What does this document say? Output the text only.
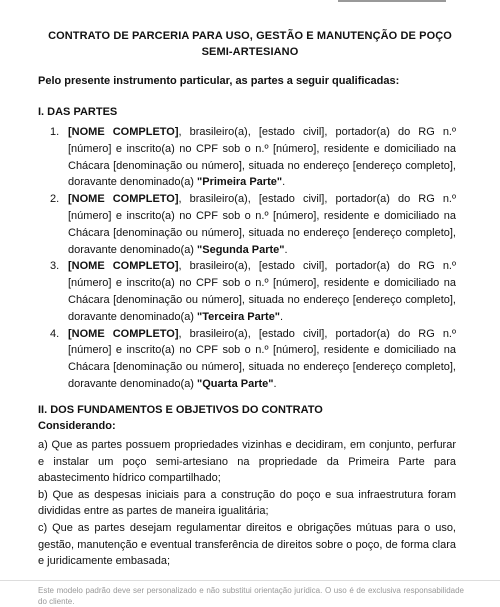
CONTRATO DE PARCERIA PARA USO, GESTÃO E MANUTENÇÃO DE POÇO SEMI-ARTESIANO
Pelo presente instrumento particular, as partes a seguir qualificadas:
I. DAS PARTES
1. [NOME COMPLETO], brasileiro(a), [estado civil], portador(a) do RG n.º [número] e inscrito(a) no CPF sob o n.º [número], residente e domiciliado na Chácara [denominação ou número], situada no endereço [endereço completo], doravante denominado(a) "Primeira Parte".
2. [NOME COMPLETO], brasileiro(a), [estado civil], portador(a) do RG n.º [número] e inscrito(a) no CPF sob o n.º [número], residente e domiciliado na Chácara [denominação ou número], situada no endereço [endereço completo], doravante denominado(a) "Segunda Parte".
3. [NOME COMPLETO], brasileiro(a), [estado civil], portador(a) do RG n.º [número] e inscrito(a) no CPF sob o n.º [número], residente e domiciliado na Chácara [denominação ou número], situada no endereço [endereço completo], doravante denominado(a) "Terceira Parte".
4. [NOME COMPLETO], brasileiro(a), [estado civil], portador(a) do RG n.º [número] e inscrito(a) no CPF sob o n.º [número], residente e domiciliado na Chácara [denominação ou número], situada no endereço [endereço completo], doravante denominado(a) "Quarta Parte".
II. DOS FUNDAMENTOS E OBJETIVOS DO CONTRATO
Considerando:
a) Que as partes possuem propriedades vizinhas e decidiram, em conjunto, perfurar e instalar um poço semi-artesiano na propriedade da Primeira Parte para abastecimento hídrico compartilhado;
b) Que as despesas iniciais para a construção do poço e sua infraestrutura foram divididas entre as partes de maneira igualitária;
c) Que as partes desejam regulamentar direitos e obrigações mútuas para o uso, gestão, manutenção e eventual transferência de direitos sobre o poço, de forma clara e juridicamente embasada;
Este modelo padrão deve ser personalizado e não substitui orientação jurídica. O uso é de exclusiva responsabilidade do cliente.
